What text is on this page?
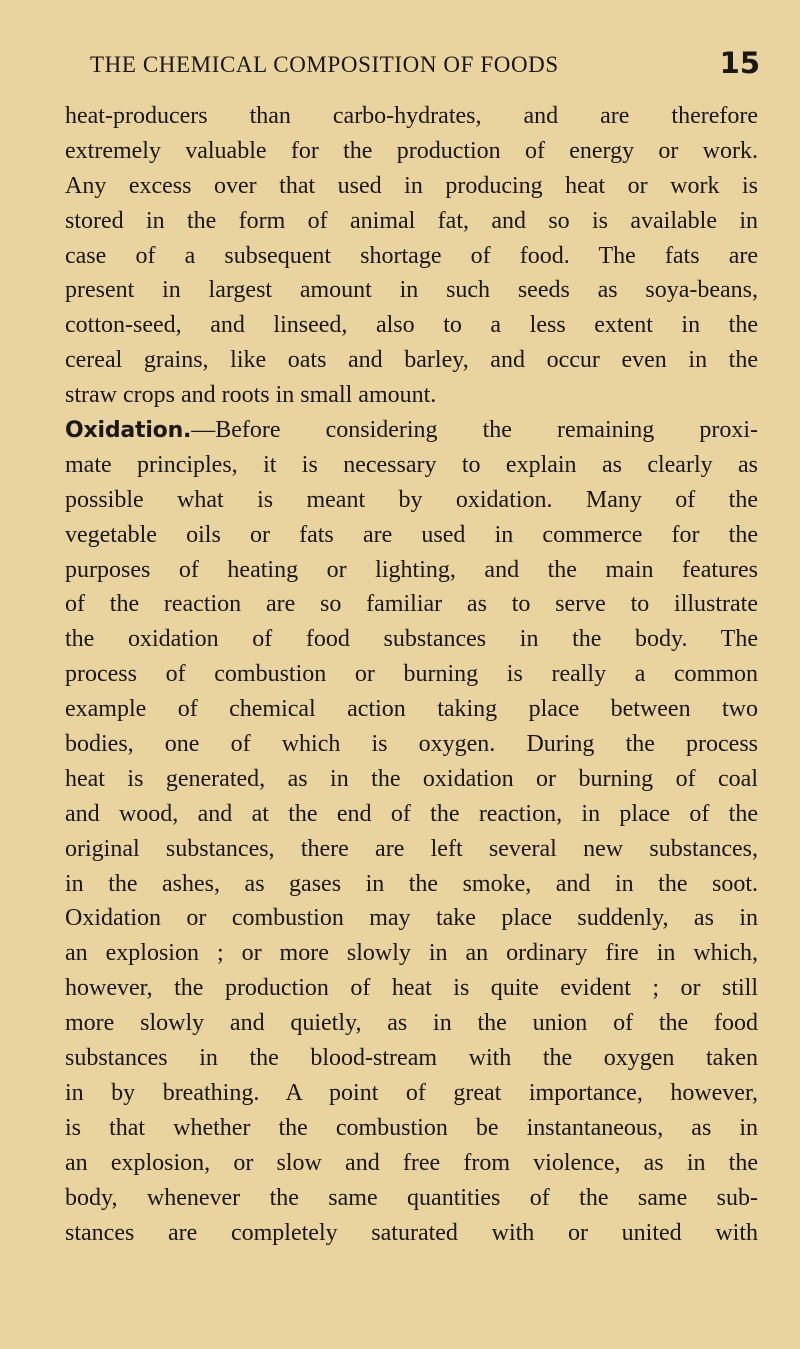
THE CHEMICAL COMPOSITION OF FOODS	15
heat-producers than carbo-hydrates, and are therefore
extremely valuable for the production of energy or work.
Any excess over that used in producing heat or work is
stored in the form of animal fat, and so is available in
case of a subsequent shortage of food. The fats are
present in largest amount in such seeds as soya-beans,
cotton-seed, and linseed, also to a less extent in the
cereal grains, like oats and barley, and occur even in the
straw crops and roots in small amount.
Oxidation.—Before considering the remaining proxi-
mate principles, it is necessary to explain as clearly as
possible what is meant by oxidation. Many of the
vegetable oils or fats are used in commerce for the
purposes of heating or lighting, and the main features
of the reaction are so familiar as to serve to illustrate
the oxidation of food substances in the body. The
process of combustion or burning is really a common
example of chemical action taking place between two
bodies, one of which is oxygen. During the process
heat is generated, as in the oxidation or burning of coal
and wood, and at the end of the reaction, in place of the
original substances, there are left several new substances,
in the ashes, as gases in the smoke, and in the soot.
Oxidation or combustion may take place suddenly, as in
an explosion ; or more slowly in an ordinary fire in which,
however, the production of heat is quite evident ; or still
more slowly and quietly, as in the union of the food
substances in the blood-stream with the oxygen taken
in by breathing. A point of great importance, however,
is that whether the combustion be instantaneous, as in
an explosion, or slow and free from violence, as in the
body, whenever the same quantities of the same sub-
stances are completely saturated with or united with
